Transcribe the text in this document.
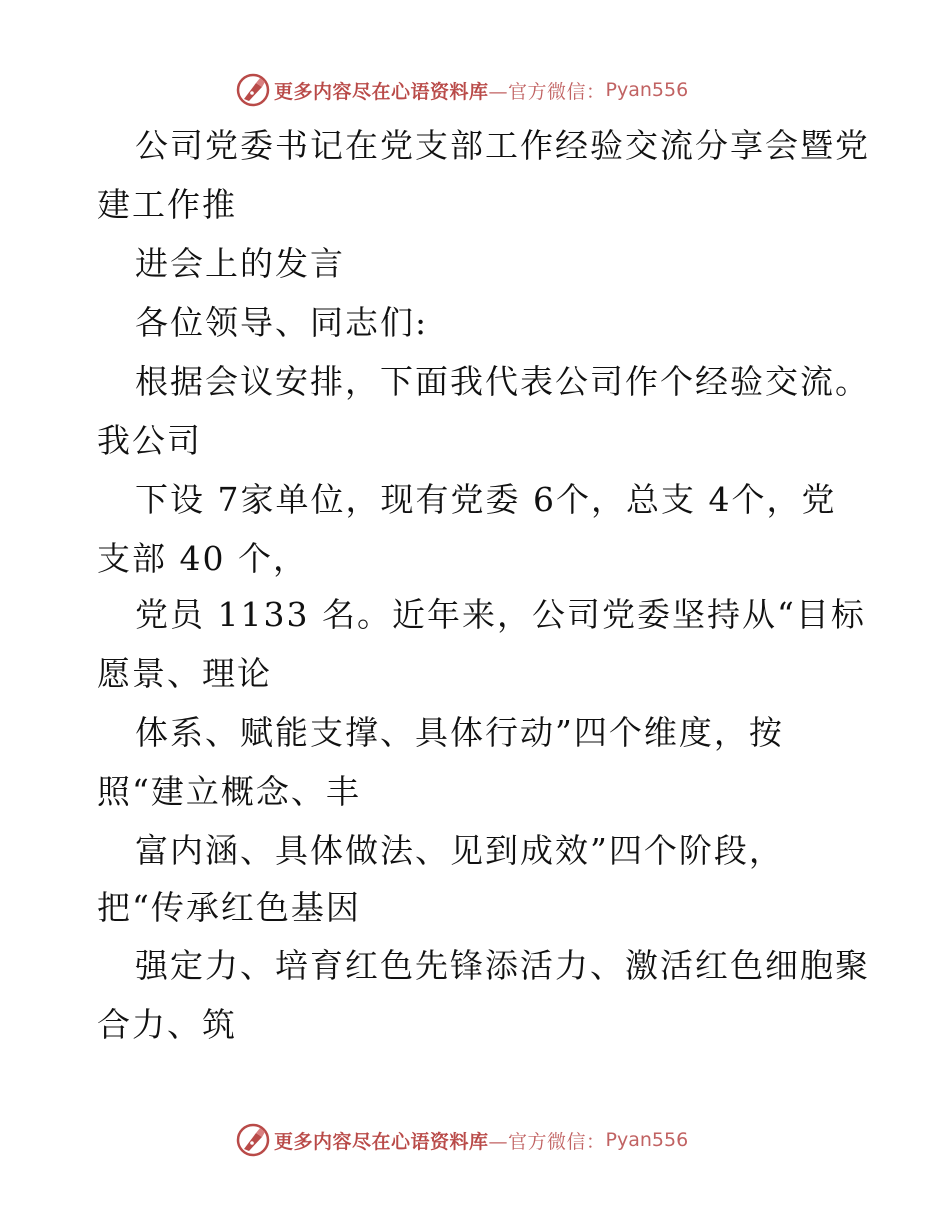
更多内容尽在心语资料库 —官方微信： Pyan556
公司党委书记在党支部工作经验交流分享会暨党
建工作推
进会上的发言
各位领导、同志们:
根据会议安排，下面我代表公司作个经验交流。
我公司
下设 7家单位，现有党委 6个，总支 4个，党
支部 40 个，
党员 1133 名。近年来，公司党委坚持从“目标
愿景、理论
体系、赋能支撑、具体行动”四个维度，按
照“建立概念、丰
富内涵、具体做法、见到成效”四个阶段，
把“传承红色基因
强定力、培育红色先锋添活力、激活红色细胞聚
合力、筑
更多内容尽在心语资料库 —官方微信： Pyan556
